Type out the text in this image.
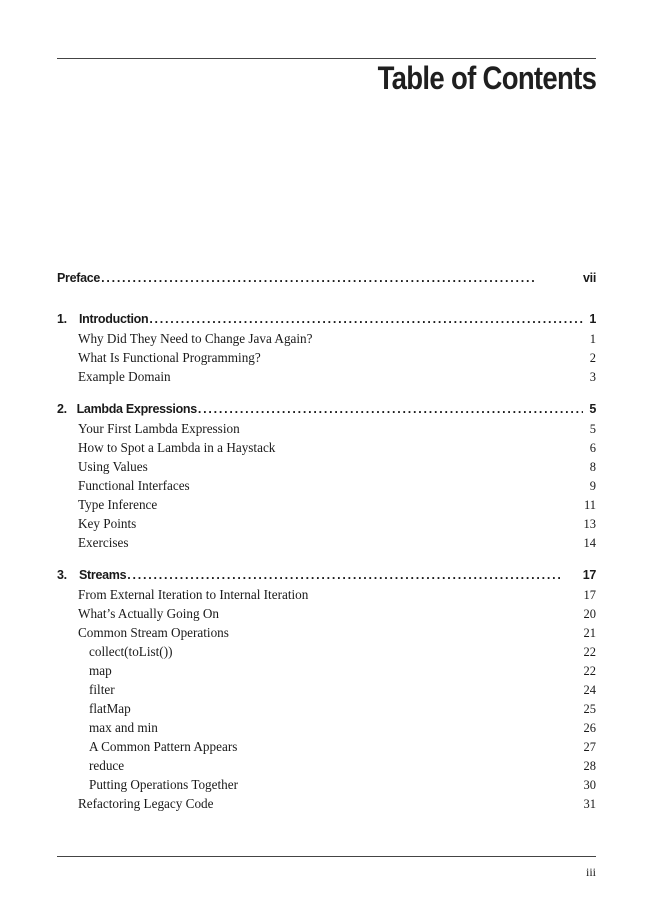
Table of Contents
Preface . . .	vii
1. Introduction . . .	1
Why Did They Need to Change Java Again?	1
What Is Functional Programming?	2
Example Domain	3
2. Lambda Expressions . . .	5
Your First Lambda Expression	5
How to Spot a Lambda in a Haystack	6
Using Values	8
Functional Interfaces	9
Type Inference	11
Key Points	13
Exercises	14
3. Streams . . .	17
From External Iteration to Internal Iteration	17
What’s Actually Going On	20
Common Stream Operations	21
collect(toList())	22
map	22
filter	24
flatMap	25
max and min	26
A Common Pattern Appears	27
reduce	28
Putting Operations Together	30
Refactoring Legacy Code	31
iii
